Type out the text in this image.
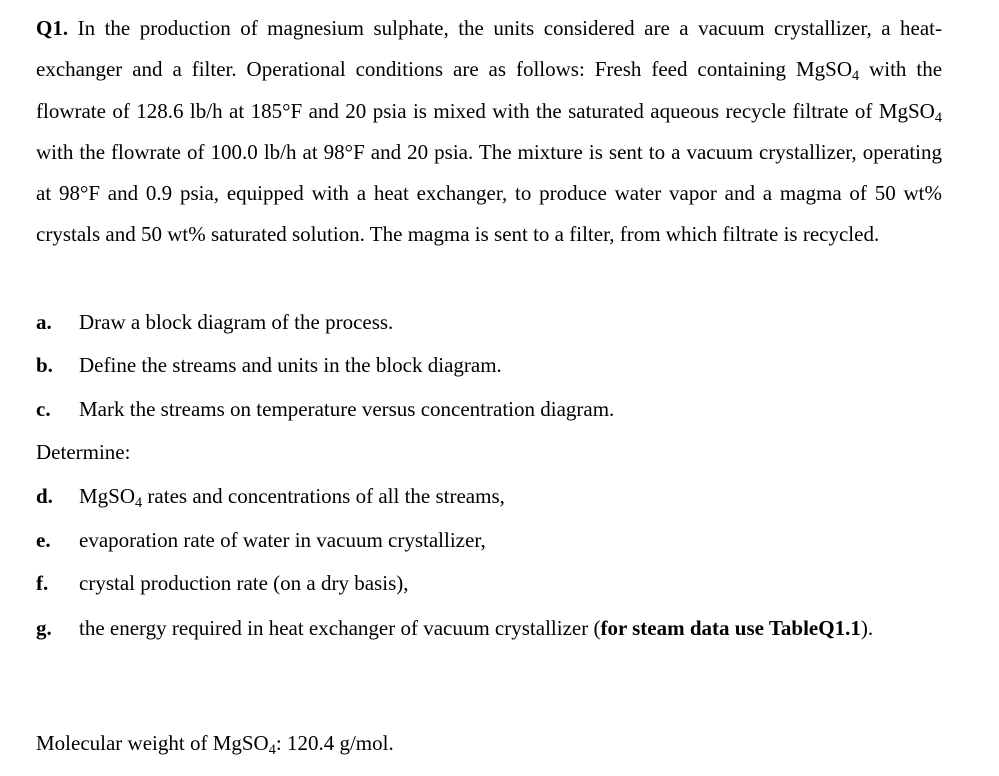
Q1. In the production of magnesium sulphate, the units considered are a vacuum crystallizer, a heat-exchanger and a filter. Operational conditions are as follows: Fresh feed containing MgSO$_4$ with the flowrate of 128.6 lb/h at 185°F and 20 psia is mixed with the saturated aqueous recycle filtrate of MgSO$_4$ with the flowrate of 100.0 lb/h at 98°F and 20 psia. The mixture is sent to a vacuum crystallizer, operating at 98°F and 0.9 psia, equipped with a heat exchanger, to produce water vapor and a magma of 50 wt% crystals and 50 wt% saturated solution. The magma is sent to a filter, from which filtrate is recycled.

a. Draw a block diagram of the process.
b. Define the streams and units in the block diagram.
c. Mark the streams on temperature versus concentration diagram.
Determine:
d. MgSO$_4$ rates and concentrations of all the streams,
e. evaporation rate of water in vacuum crystallizer,
f. crystal production rate (on a dry basis),
g. the energy required in heat exchanger of vacuum crystallizer (for steam data use TableQ1.1).
Molecular weight of MgSO$_4$: 120.4 g/mol.
